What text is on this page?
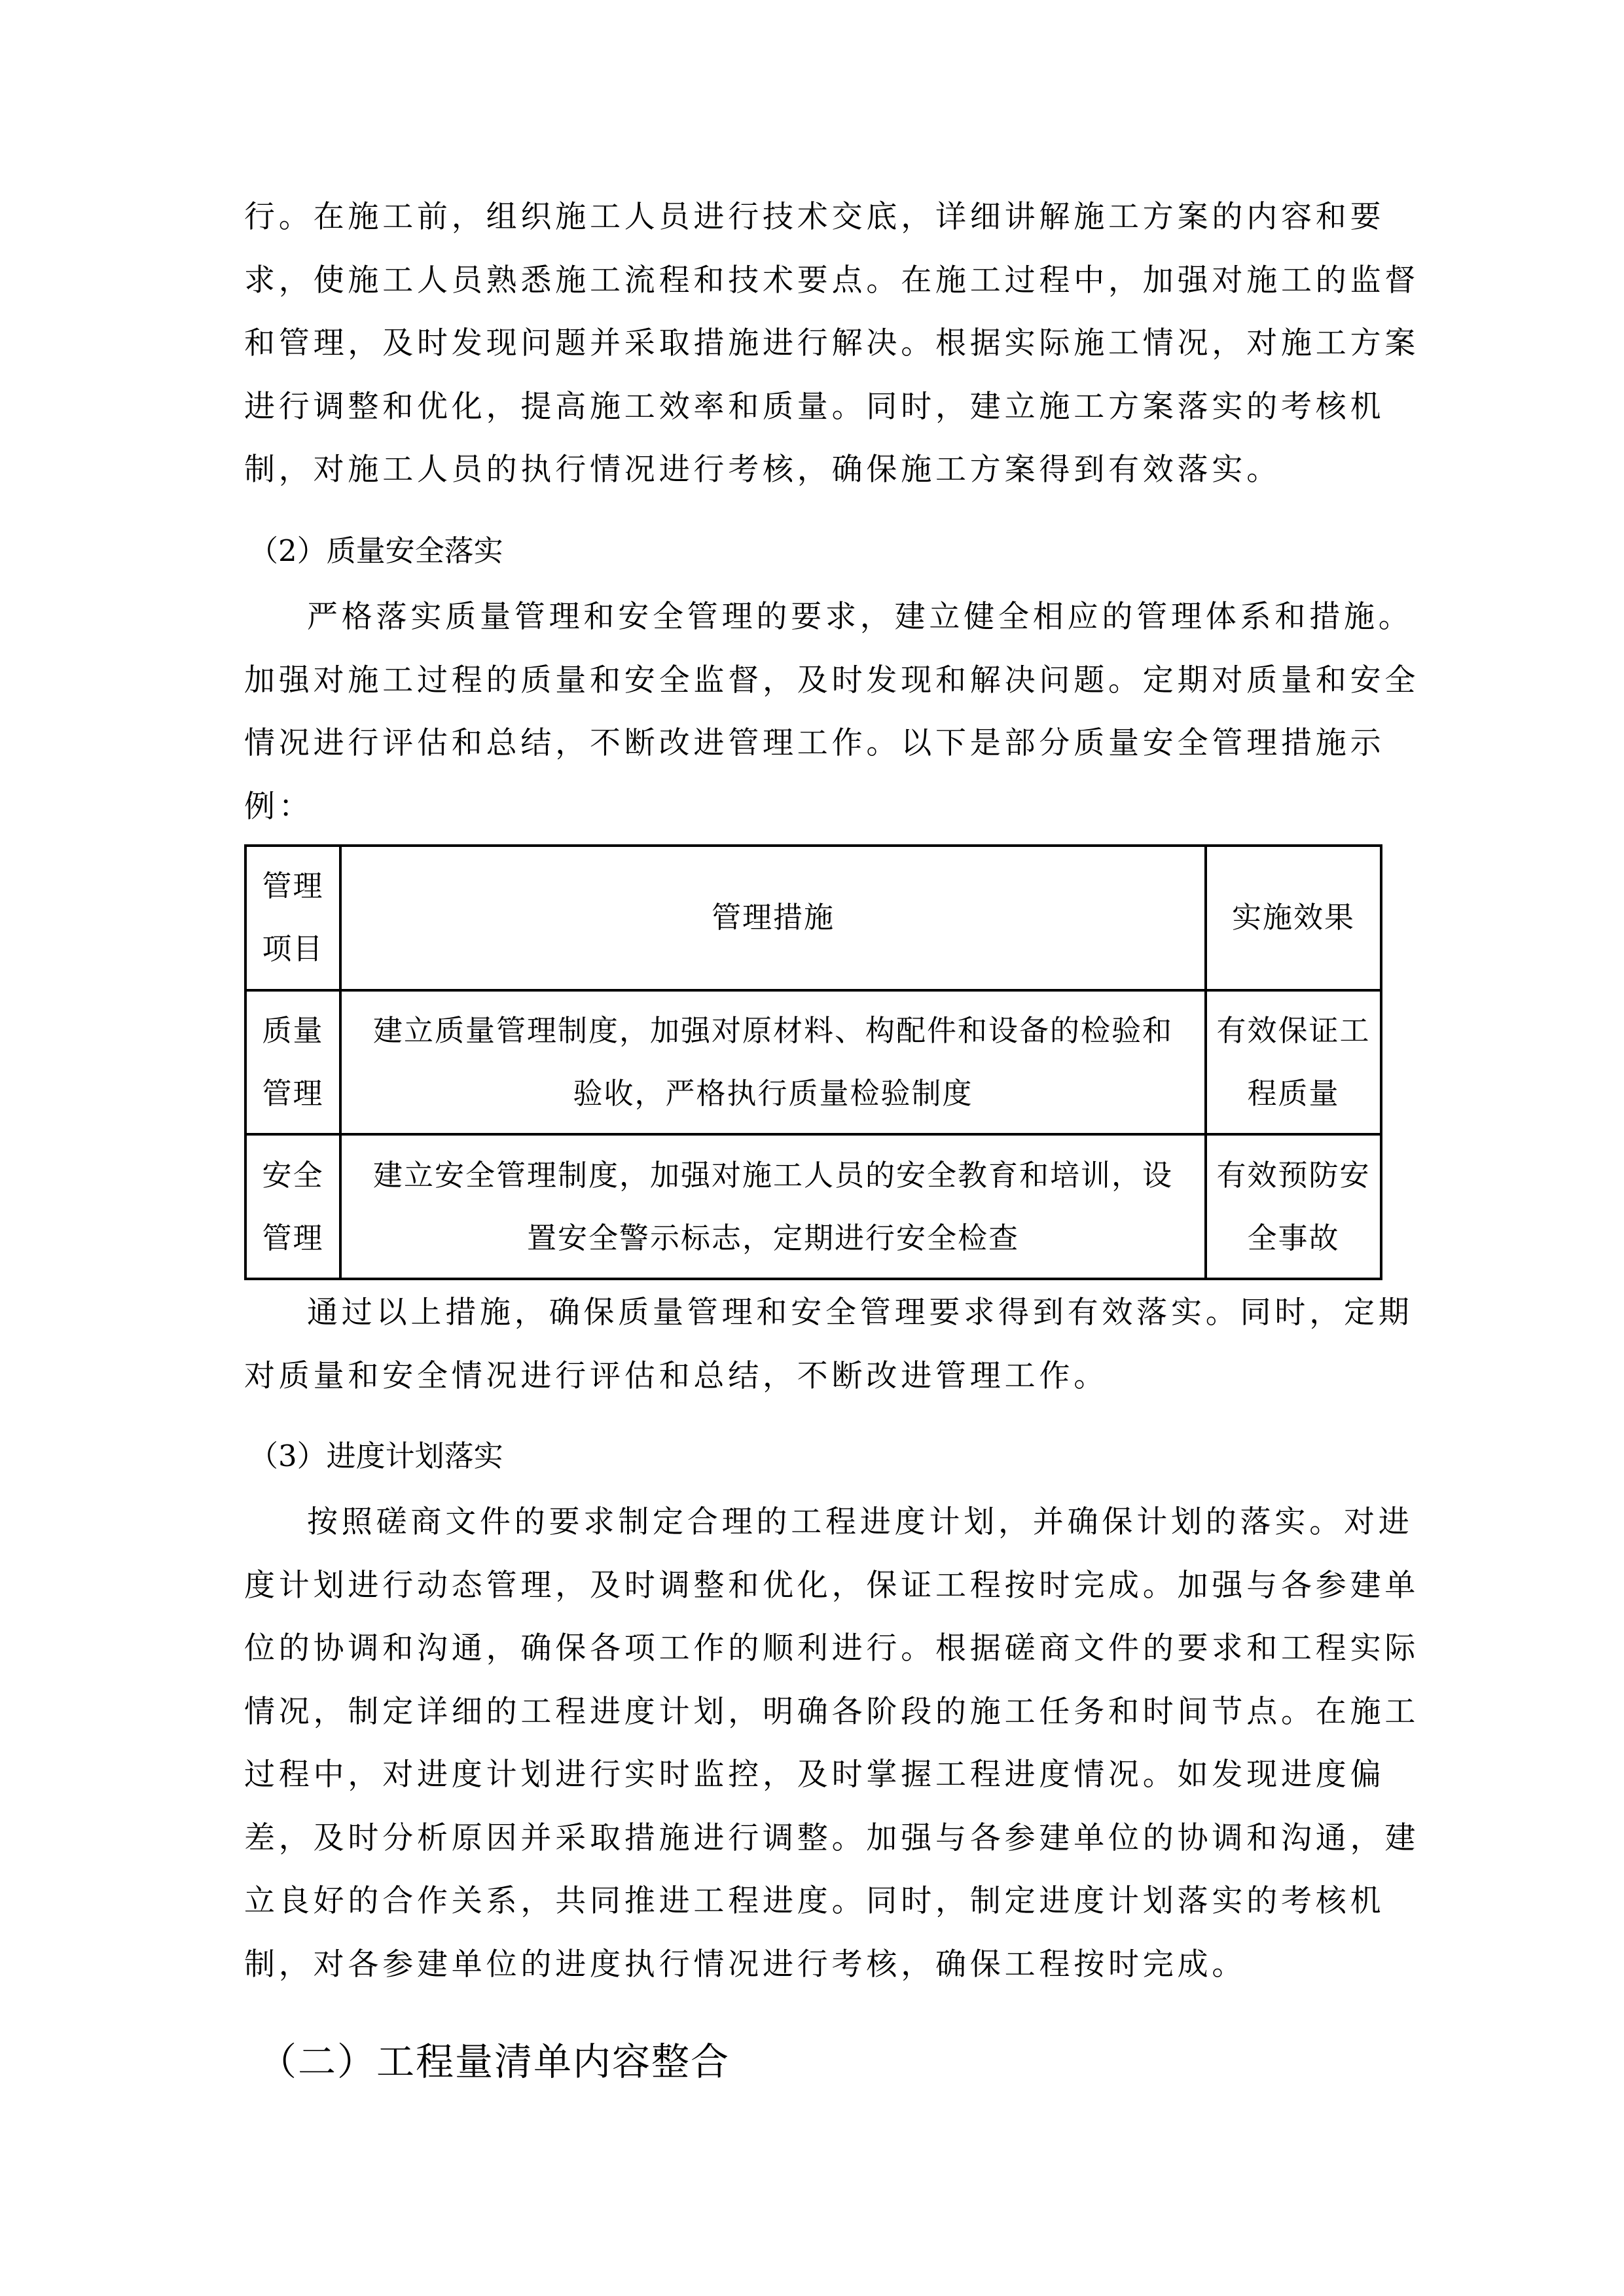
行。在施工前，组织施工人员进行技术交底，详细讲解施工方案的内容和要
求，使施工人员熟悉施工流程和技术要点。在施工过程中，加强对施工的监督
和管理，及时发现问题并采取措施进行解决。根据实际施工情况，对施工方案
进行调整和优化，提高施工效率和质量。同时，建立施工方案落实的考核机
制，对施工人员的执行情况进行考核，确保施工方案得到有效落实。
（2）质量安全落实
严格落实质量管理和安全管理的要求，建立健全相应的管理体系和措施。
加强对施工过程的质量和安全监督，及时发现和解决问题。定期对质量和安全
情况进行评估和总结，不断改进管理工作。以下是部分质量安全管理措施示
例：
管理
项目	管理措施	实施效果

质量
管理	建立质量管理制度，加强对原材料、构配件和设备的检验和
验收，严格执行质量检验制度	有效保证工
程质量

安全
管理	建立安全管理制度，加强对施工人员的安全教育和培训，设
置安全警示标志，定期进行安全检查	有效预防安
全事故
通过以上措施，确保质量管理和安全管理要求得到有效落实。同时，定期
对质量和安全情况进行评估和总结，不断改进管理工作。
（3）进度计划落实
按照磋商文件的要求制定合理的工程进度计划，并确保计划的落实。对进
度计划进行动态管理，及时调整和优化，保证工程按时完成。加强与各参建单
位的协调和沟通，确保各项工作的顺利进行。根据磋商文件的要求和工程实际
情况，制定详细的工程进度计划，明确各阶段的施工任务和时间节点。在施工
过程中，对进度计划进行实时监控，及时掌握工程进度情况。如发现进度偏
差，及时分析原因并采取措施进行调整。加强与各参建单位的协调和沟通，建
立良好的合作关系，共同推进工程进度。同时，制定进度计划落实的考核机
制，对各参建单位的进度执行情况进行考核，确保工程按时完成。
（二）工程量清单内容整合
